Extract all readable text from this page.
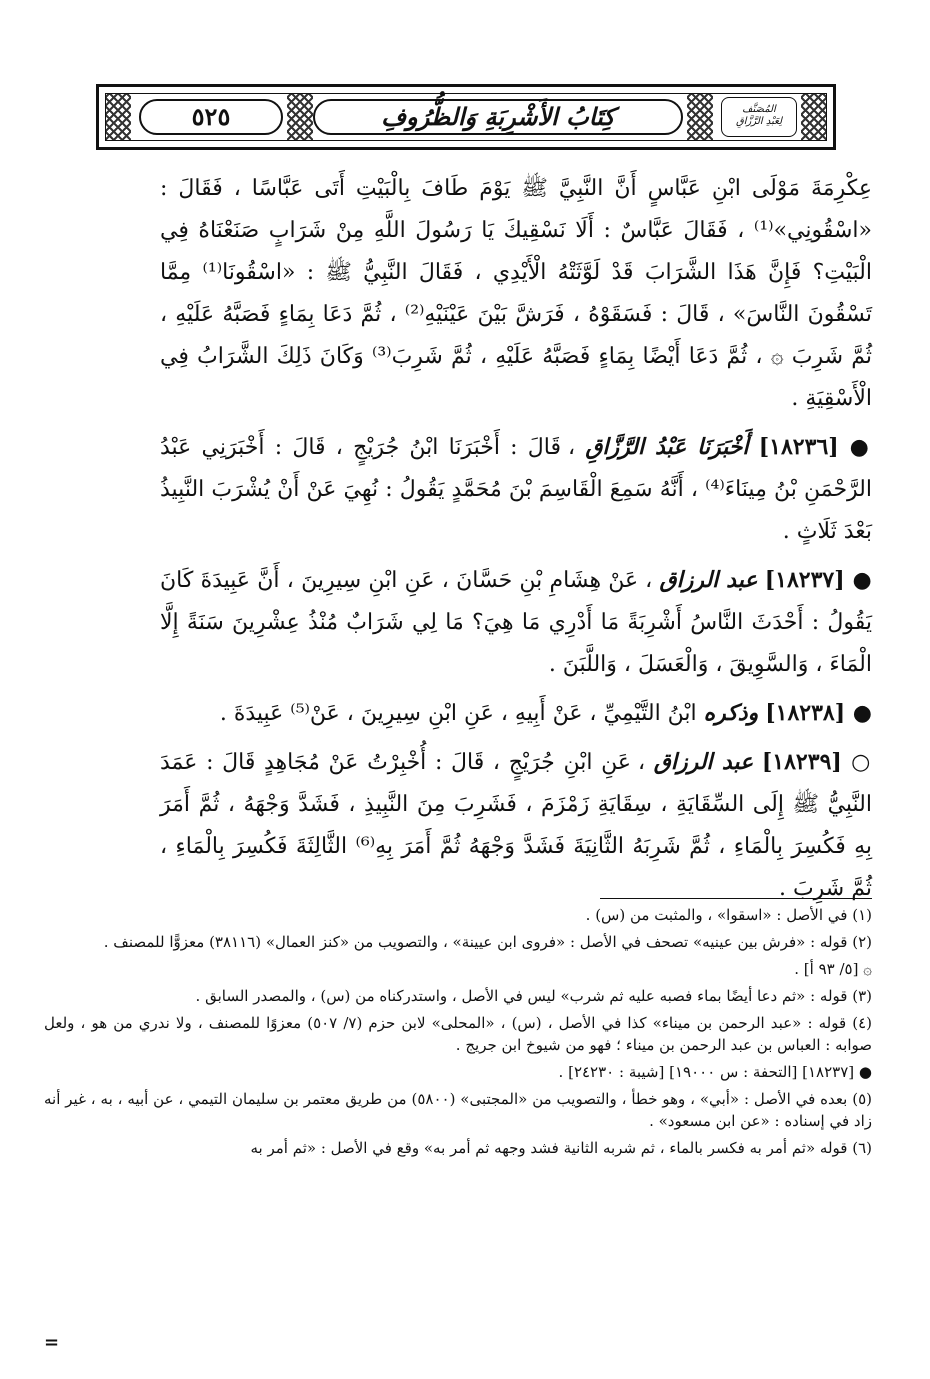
٥٢٥	كِتَابُ الأَشْرِبَةِ وَالظُّرُوفِ	المُصَنَّف
لِعَبْدِ الرَّزَّاقِ

عِكْرِمَةَ مَوْلَى ابْنِ عَبَّاسٍ أَنَّ النَّبِيَّ ﷺ يَوْمَ طَافَ بِالْبَيْتِ أَتَى عَبَّاسًا ، فَقَالَ : «اسْقُونِي»⁽¹⁾ ، فَقَالَ عَبَّاسٌ : أَلَا نَسْقِيكَ يَا رَسُولَ اللَّهِ مِنْ شَرَابٍ صَنَعْنَاهُ فِي الْبَيْتِ؟ فَإِنَّ هَذَا الشَّرَابَ قَدْ لَوَّثَتْهُ الْأَيْدِي ، فَقَالَ النَّبِيُّ ﷺ : «اسْقُونَا⁽¹⁾ مِمَّا تَسْقُونَ النَّاسَ» ، قَالَ : فَسَقَوْهُ ، فَرَشَّ بَيْنَ عَيْنَيْهِ⁽²⁾ ، ثُمَّ دَعَا بِمَاءٍ فَصَبَّهُ عَلَيْهِ ، ثُمَّ شَرِبَ ۞ ، ثُمَّ دَعَا أَيْضًا بِمَاءٍ فَصَبَّهُ عَلَيْهِ ، ثُمَّ شَرِبَ⁽³⁾ وَكَانَ ذَلِكَ الشَّرَابُ فِي الْأَسْقِيَةِ .

● [١٨٢٣٦] أَخْبَرَنَا عَبْدُ الرَّزَّاقِ ، قَالَ : أَخْبَرَنَا ابْنُ جُرَيْجٍ ، قَالَ : أَخْبَرَنِي عَبْدُ الرَّحْمَنِ بْنُ مِينَاءَ⁽⁴⁾ ، أَنَّهُ سَمِعَ الْقَاسِمَ بْنَ مُحَمَّدٍ يَقُولُ : نُهِيَ عَنْ أَنْ يُشْرَبَ النَّبِيذُ بَعْدَ ثَلَاثٍ .

● [١٨٢٣٧] عبد الرزاق ، عَنْ هِشَامِ بْنِ حَسَّانَ ، عَنِ ابْنِ سِيرِينَ ، أَنَّ عَبِيدَةَ كَانَ يَقُولُ : أَحْدَثَ النَّاسُ أَشْرِبَةً مَا أَدْرِي مَا هِيَ؟ مَا لِي شَرَابٌ مُنْذُ عِشْرِينَ سَنَةً إِلَّا الْمَاءَ ، وَالسَّوِيقَ ، وَالْعَسَلَ ، وَاللَّبَنَ .

● [١٨٢٣٨] وذكره ابْنُ التَّيْمِيِّ ، عَنْ أَبِيهِ ، عَنِ ابْنِ سِيرِينَ ، عَنْ⁽⁵⁾ عَبِيدَةَ .

○ [١٨٢٣٩] عبد الرزاق ، عَنِ ابْنِ جُرَيْجٍ ، قَالَ : أُخْبِرْتُ عَنْ مُجَاهِدٍ قَالَ : عَمَدَ النَّبِيُّ ﷺ إِلَى السِّقَايَةِ ، سِقَايَةِ زَمْزَمَ ، فَشَرِبَ مِنَ النَّبِيذِ ، فَشَدَّ وَجْهَهُ ، ثُمَّ أَمَرَ بِهِ فَكُسِرَ بِالْمَاءِ ، ثُمَّ شَرِبَهُ الثَّانِيَةَ فَشَدَّ وَجْهَهُ ثُمَّ أَمَرَ بِهِ⁽⁶⁾ الثَّالِثَةَ فَكُسِرَ بِالْمَاءِ ، ثُمَّ شَرِبَ .

(١) في الأصل : «اسقوا» ، والمثبت من (س) .

(٢) قوله : «فرش بين عينيه» تصحف في الأصل : «فروى ابن عيينة» ، والتصويب من «كنز العمال» (٣٨١١٦) معزوًّا للمصنف .

۞ [٥/ ٩٣ أ] .

(٣) قوله : «ثم دعا أيضًا بماء فصبه عليه ثم شرب» ليس في الأصل ، واستدركناه من (س) ، والمصدر السابق .

(٤) قوله : «عبد الرحمن بن ميناء» كذا في الأصل ، (س) ، «المحلى» لابن حزم (٧/ ٥٠٧) معزوًا للمصنف ، ولا ندري من هو ، ولعل صوابه : العباس بن عبد الرحمن بن ميناء ؛ فهو من شيوخ ابن جريج .

● [١٨٢٣٧] [التحفة : س ١٩٠٠٠] [شيبة : ٢٤٢٣٠] .

(٥) بعده في الأصل : «أبي» ، وهو خطأ ، والتصويب من «المجتبى» (٥٨٠٠) من طريق معتمر بن سليمان التيمي ، عن أبيه ، به ، غير أنه زاد في إسناده : «عن ابن مسعود» .

(٦) قوله «ثم أمر به فكسر بالماء ، ثم شربه الثانية فشد وجهه ثم أمر به» وقع في الأصل : «ثم أمر به

=
